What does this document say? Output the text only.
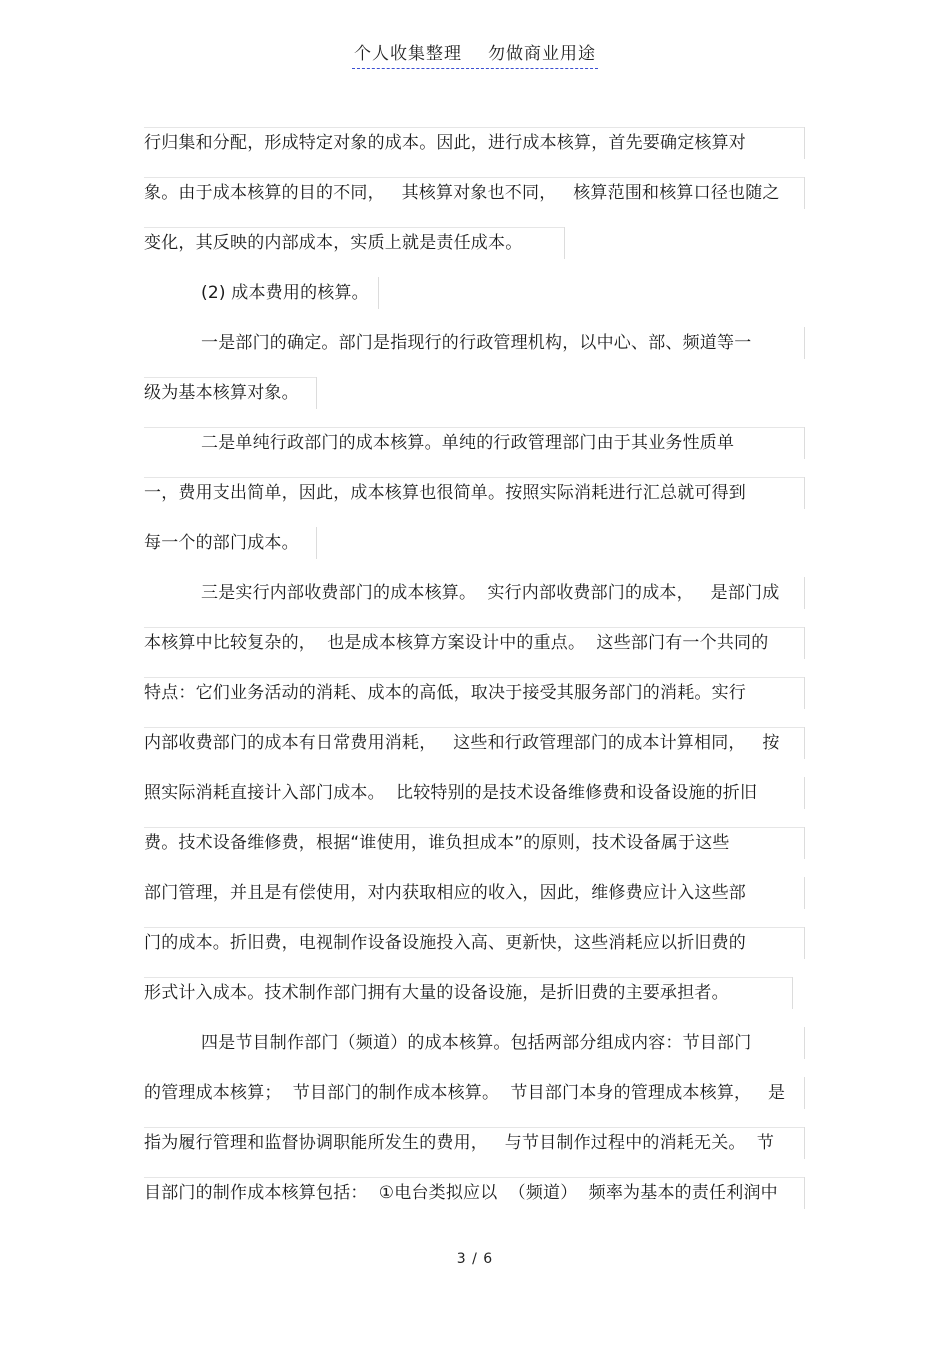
个人收集整理 勿做商业用途
行归集和分配，形成特定对象的成本。因此，进行成本核算，首先要确定核算对
象。由于成本核算的目的不同，   其核算对象也不同，   核算范围和核算口径也随之
变化，其反映的内部成本，实质上就是责任成本。
(2) 成本费用的核算。
一是部门的确定。部门是指现行的行政管理机构，以中心、部、频道等一
级为基本核算对象。
二是单纯行政部门的成本核算。单纯的行政管理部门由于其业务性质单
一，费用支出简单，因此，成本核算也很简单。按照实际消耗进行汇总就可得到
每一个的部门成本。
三是实行内部收费部门的成本核算。  实行内部收费部门的成本，   是部门成
本核算中比较复杂的，  也是成本核算方案设计中的重点。  这些部门有一个共同的
特点：它们业务活动的消耗、成本的高低，取决于接受其服务部门的消耗。实行
内部收费部门的成本有日常费用消耗，   这些和行政管理部门的成本计算相同，   按
照实际消耗直接计入部门成本。  比较特别的是技术设备维修费和设备设施的折旧
费。技术设备维修费，根据“谁使用，谁负担成本”的原则，技术设备属于这些
部门管理，并且是有偿使用，对内获取相应的收入，因此，维修费应计入这些部
门的成本。折旧费，电视制作设备设施投入高、更新快，这些消耗应以折旧费的
形式计入成本。技术制作部门拥有大量的设备设施，是折旧费的主要承担者。
四是节目制作部门（频道）的成本核算。包括两部分组成内容：节目部门
的管理成本核算；  节目部门的制作成本核算。  节目部门本身的管理成本核算，   是
指为履行管理和监督协调职能所发生的费用，   与节目制作过程中的消耗无关。  节
目部门的制作成本核算包括：  ①电台类拟应以  （频道）  频率为基本的责任利润中
3 / 6
